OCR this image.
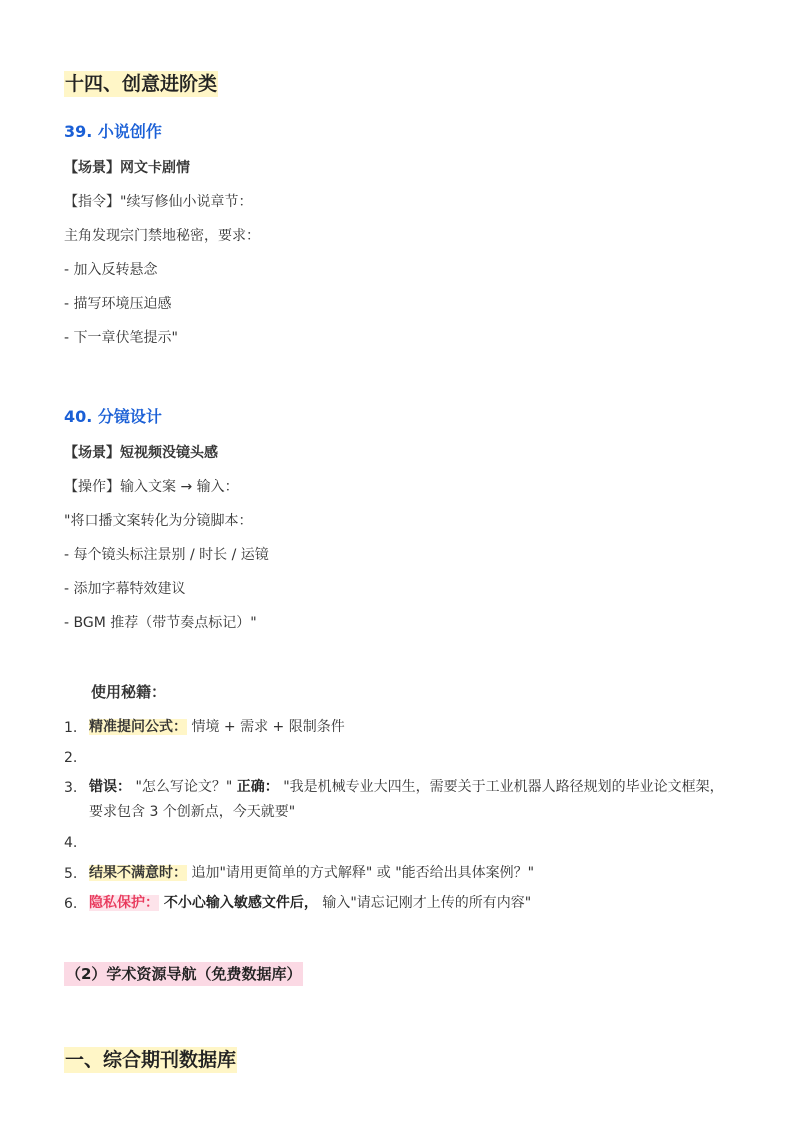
十四、创意进阶类
39. 小说创作
【场景】网文卡剧情
【指令】"续写修仙小说章节：
主角发现宗门禁地秘密，要求：
- 加入反转悬念
- 描写环境压迫感
- 下一章伏笔提示"
40. 分镜设计
【场景】短视频没镜头感
【操作】输入文案 → 输入：
"将口播文案转化为分镜脚本：
- 每个镜头标注景别 / 时长 / 运镜
- 添加字幕特效建议
- BGM 推荐（带节奏点标记）"
使用秘籍：
1. 精准提问公式： 情境 + 需求 + 限制条件
2.
3. 错误： "怎么写论文？" 正确： "我是机械专业大四生，需要关于工业机器人路径规划的毕业论文框架，要求包含 3 个创新点，今天就要"
4.
5. 结果不满意时： 追加"请用更简单的方式解释" 或 "能否给出具体案例？"
6. 隐私保护： 不小心输入敏感文件后， 输入"请忘记刚才上传的所有内容"
（2）学术资源导航（免费数据库）
一、综合期刊数据库
